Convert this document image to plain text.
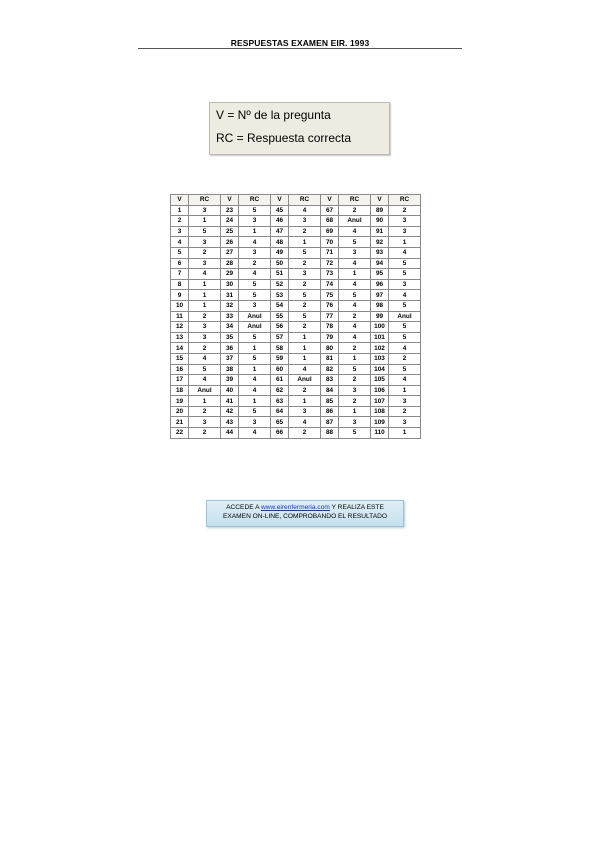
RESPUESTAS EXAMEN EIR. 1993
V = Nº de la pregunta
RC = Respuesta correcta
V	RC	V	RC	V	RC	V	RC	V	RC
1	3	23	5	45	4	67	2	89	2
2	1	24	3	46	3	68	Anul	90	3
3	5	25	1	47	2	69	4	91	3
4	3	26	4	48	1	70	5	92	1
5	2	27	3	49	5	71	3	93	4
6	3	28	2	50	2	72	4	94	5
7	4	29	4	51	3	73	1	95	5
8	1	30	5	52	2	74	4	96	3
9	1	31	5	53	5	75	5	97	4
10	1	32	3	54	2	76	4	98	5
11	2	33	Anul	55	5	77	2	99	Anul
12	3	34	Anul	56	2	78	4	100	5
13	3	35	5	57	1	79	4	101	5
14	2	36	1	58	1	80	2	102	4
15	4	37	5	59	1	81	1	103	2
16	5	38	1	60	4	82	5	104	5
17	4	39	4	61	Anul	83	2	105	4
18	Anul	40	4	62	2	84	3	106	1
19	1	41	1	63	1	85	2	107	3
20	2	42	5	64	3	86	1	108	2
21	3	43	3	65	4	87	3	109	3
22	2	44	4	66	2	88	5	110	1
ACCEDE A www.eirenfermeria.com Y REALIZA ESTE
EXAMEN ON-LINE, COMPROBANDO EL RESULTADO
